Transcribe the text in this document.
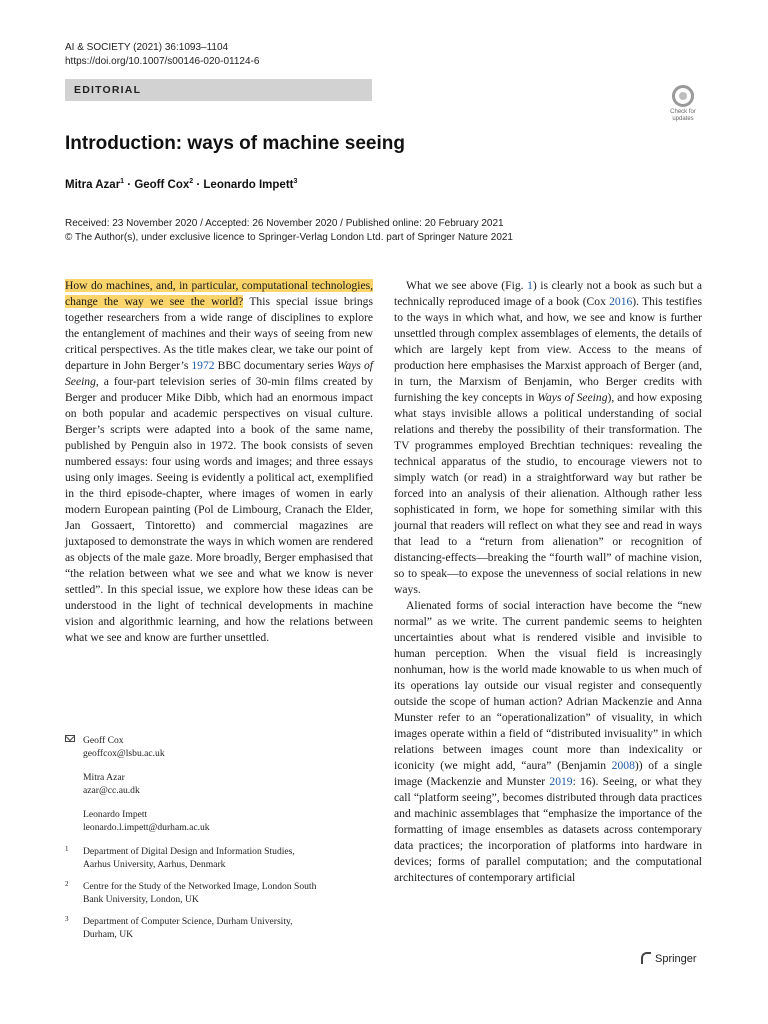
AI & SOCIETY (2021) 36:1093–1104
https://doi.org/10.1007/s00146-020-01124-6
EDITORIAL
Check for updates
Introduction: ways of machine seeing
Mitra Azar$^1$ · Geoff Cox$^2$ · Leonardo Impett$^3$
Received: 23 November 2020 / Accepted: 26 November 2020 / Published online: 20 February 2021
© The Author(s), under exclusive licence to Springer-Verlag London Ltd. part of Springer Nature 2021

How do machines, and, in particular, computational technologies, change the way we see the world? This special issue brings together researchers from a wide range of disciplines to explore the entanglement of machines and their ways of seeing from new critical perspectives. As the title makes clear, we take our point of departure in John Berger’s 1972 BBC documentary series Ways of Seeing, a four-part television series of 30-min films created by Berger and producer Mike Dibb, which had an enormous impact on both popular and academic perspectives on visual culture. Berger’s scripts were adapted into a book of the same name, published by Penguin also in 1972. The book consists of seven numbered essays: four using words and images; and three essays using only images. Seeing is evidently a political act, exemplified in the third episode-chapter, where images of women in early modern European painting (Pol de Limbourg, Cranach the Elder, Jan Gossaert, Tintoretto) and commercial magazines are juxtaposed to demonstrate the ways in which women are rendered as objects of the male gaze. More broadly, Berger emphasised that “the relation between what we see and what we know is never settled”. In this special issue, we explore how these ideas can be understood in the light of technical developments in machine vision and algorithmic learning, and how the relations between what we see and know are further unsettled.

What we see above (Fig. 1) is clearly not a book as such but a technically reproduced image of a book (Cox 2016). This testifies to the ways in which what, and how, we see and know is further unsettled through complex assemblages of elements, the details of which are largely kept from view. Access to the means of production here emphasises the Marxist approach of Berger (and, in turn, the Marxism of Benjamin, who Berger credits with furnishing the key concepts in Ways of Seeing), and how exposing what stays invisible allows a political understanding of social relations and thereby the possibility of their transformation. The TV programmes employed Brechtian techniques: revealing the technical apparatus of the studio, to encourage viewers not to simply watch (or read) in a straightforward way but rather be forced into an analysis of their alienation. Although rather less sophisticated in form, we hope for something similar with this journal that readers will reflect on what they see and read in ways that lead to a “return from alienation” or recognition of distancing-effects—breaking the “fourth wall” of machine vision, so to speak—to expose the unevenness of social relations in new ways.

Alienated forms of social interaction have become the “new normal” as we write. The current pandemic seems to heighten uncertainties about what is rendered visible and invisible to human perception. When the visual field is increasingly nonhuman, how is the world made knowable to us when much of its operations lay outside our visual register and consequently outside the scope of human action? Adrian Mackenzie and Anna Munster refer to an “operationalization” of visuality, in which images operate within a field of “distributed invisuality” in which relations between images count more than indexicality or iconicity (we might add, “aura” (Benjamin 2008)) of a single image (Mackenzie and Munster 2019: 16). Seeing, or what they call “platform seeing”, becomes distributed through data practices and machinic assemblages that “emphasize the importance of the formatting of image ensembles as datasets across contemporary data practices; the incorporation of platforms into hardware in devices; forms of parallel computation; and the computational architectures of contemporary artificial

Geoff Cox
geoffcox@lsbu.ac.uk
Mitra Azar
azar@cc.au.dk
Leonardo Impett
leonardo.l.impett@durham.ac.uk
1 Department of Digital Design and Information Studies,
Aarhus University, Aarhus, Denmark
2 Centre for the Study of the Networked Image, London South
Bank University, London, UK
3 Department of Computer Science, Durham University,
Durham, UK
Springer
